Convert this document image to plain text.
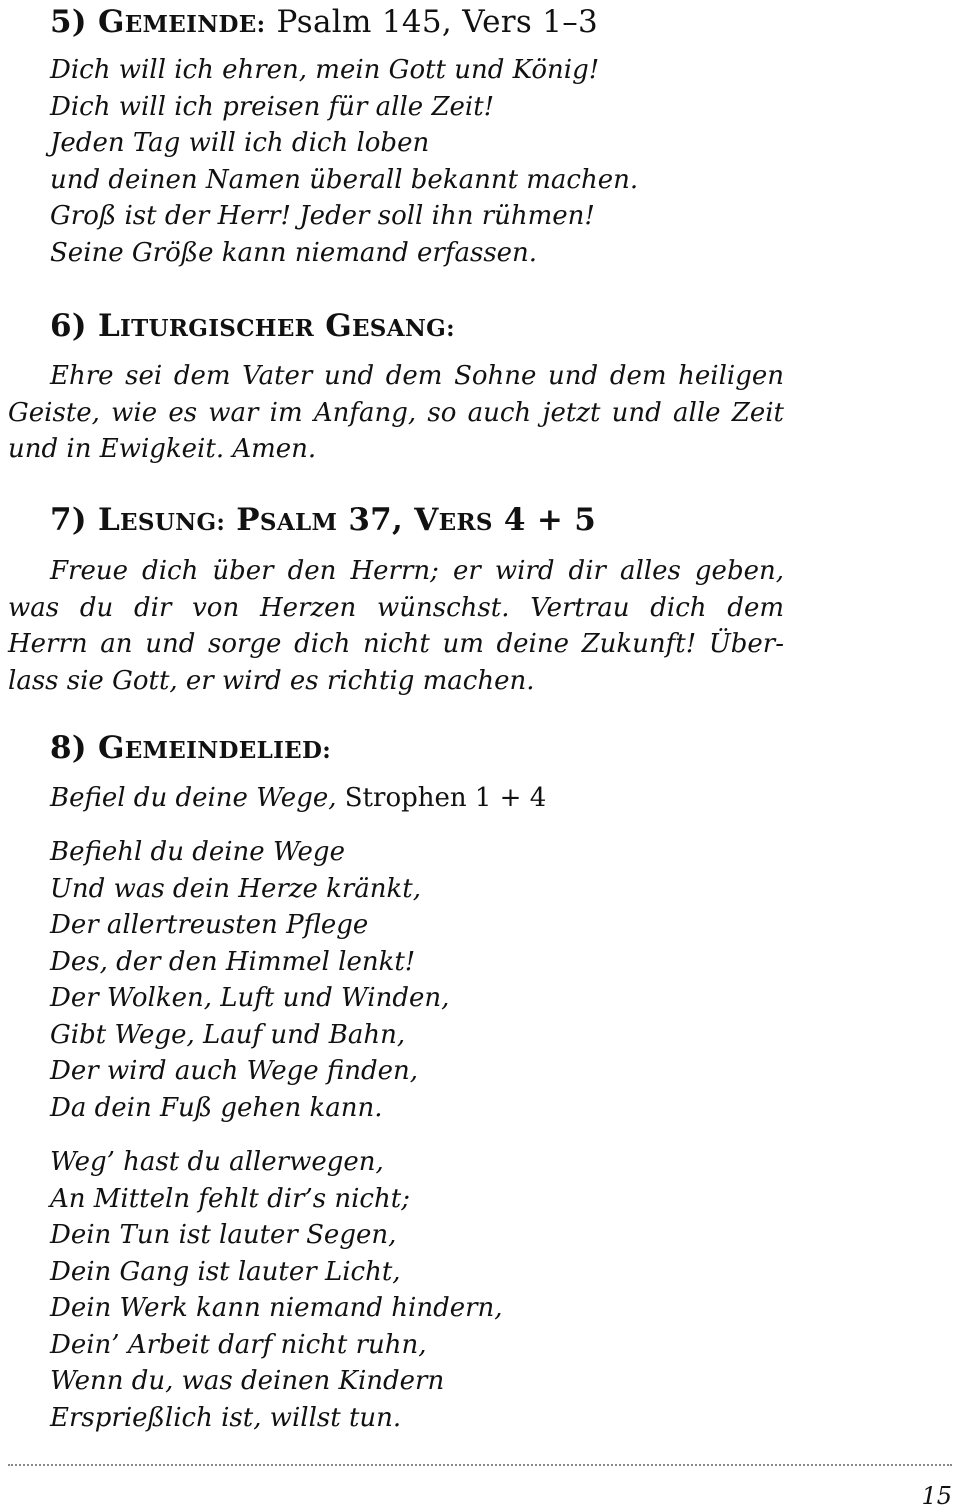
5) GEMEINDE: Psalm 145, Vers 1–3
Dich will ich ehren, mein Gott und König!
Dich will ich preisen für alle Zeit!
Jeden Tag will ich dich loben
und deinen Namen überall bekannt machen.
Groß ist der Herr! Jeder soll ihn rühmen!
Seine Größe kann niemand erfassen.
6) LITURGISCHER GESANG:
Ehre sei dem Vater und dem Sohne und dem heiligen
Geiste, wie es war im Anfang, so auch jetzt und alle Zeit
und in Ewigkeit. Amen.
7) LESUNG: PSALM 37, VERS 4 + 5
Freue dich über den Herrn; er wird dir alles geben,
was du dir von Herzen wünschst. Vertrau dich dem
Herrn an und sorge dich nicht um deine Zukunft! Über-
lass sie Gott, er wird es richtig machen.
8) GEMEINDELIED:
Befiel du deine Wege, Strophen 1 + 4
Befiehl du deine Wege
Und was dein Herze kränkt,
Der allertreusten Pflege
Des, der den Himmel lenkt!
Der Wolken, Luft und Winden,
Gibt Wege, Lauf und Bahn,
Der wird auch Wege finden,
Da dein Fuß gehen kann.
Weg’ hast du allerwegen,
An Mitteln fehlt dir’s nicht;
Dein Tun ist lauter Segen,
Dein Gang ist lauter Licht,
Dein Werk kann niemand hindern,
Dein’ Arbeit darf nicht ruhn,
Wenn du, was deinen Kindern
Ersprießlich ist, willst tun.
15
